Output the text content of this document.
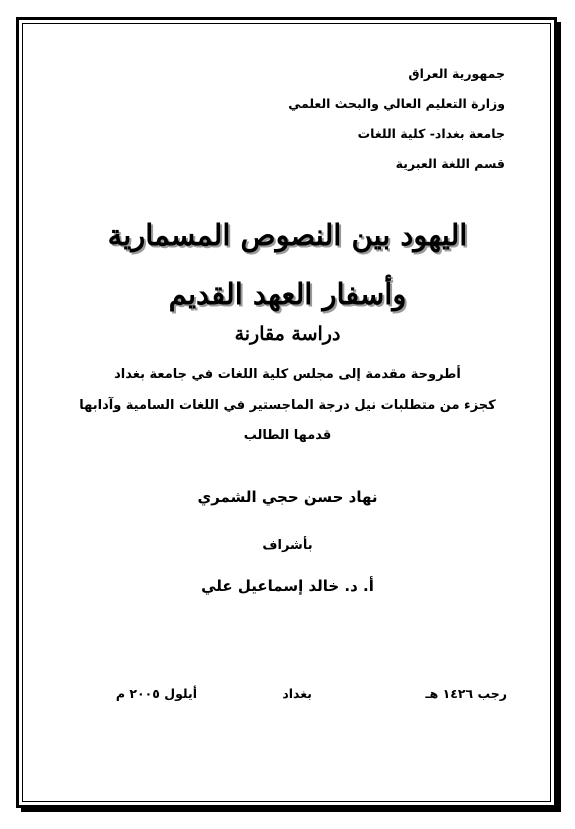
جمهورية العراق
وزارة التعليم العالي والبحث العلمي
جامعة بغداد- كلية اللغات
قسم اللغة العبرية
اليهود بين النصوص المسمارية
وأسفار العهد القديم
دراسة مقارنة
أطروحة مقدمة إلى مجلس كلية اللغات في جامعة بغداد
كجزء من متطلبات نيل درجة الماجستير في اللغات السامية وآدابها
قدمها الطالب
نهاد حسن حجي الشمري
بأشراف
أ. د. خالد إسماعيل علي
رجب ١٤٢٦ هـ
بغداد
أيلول ٢٠٠٥ م
